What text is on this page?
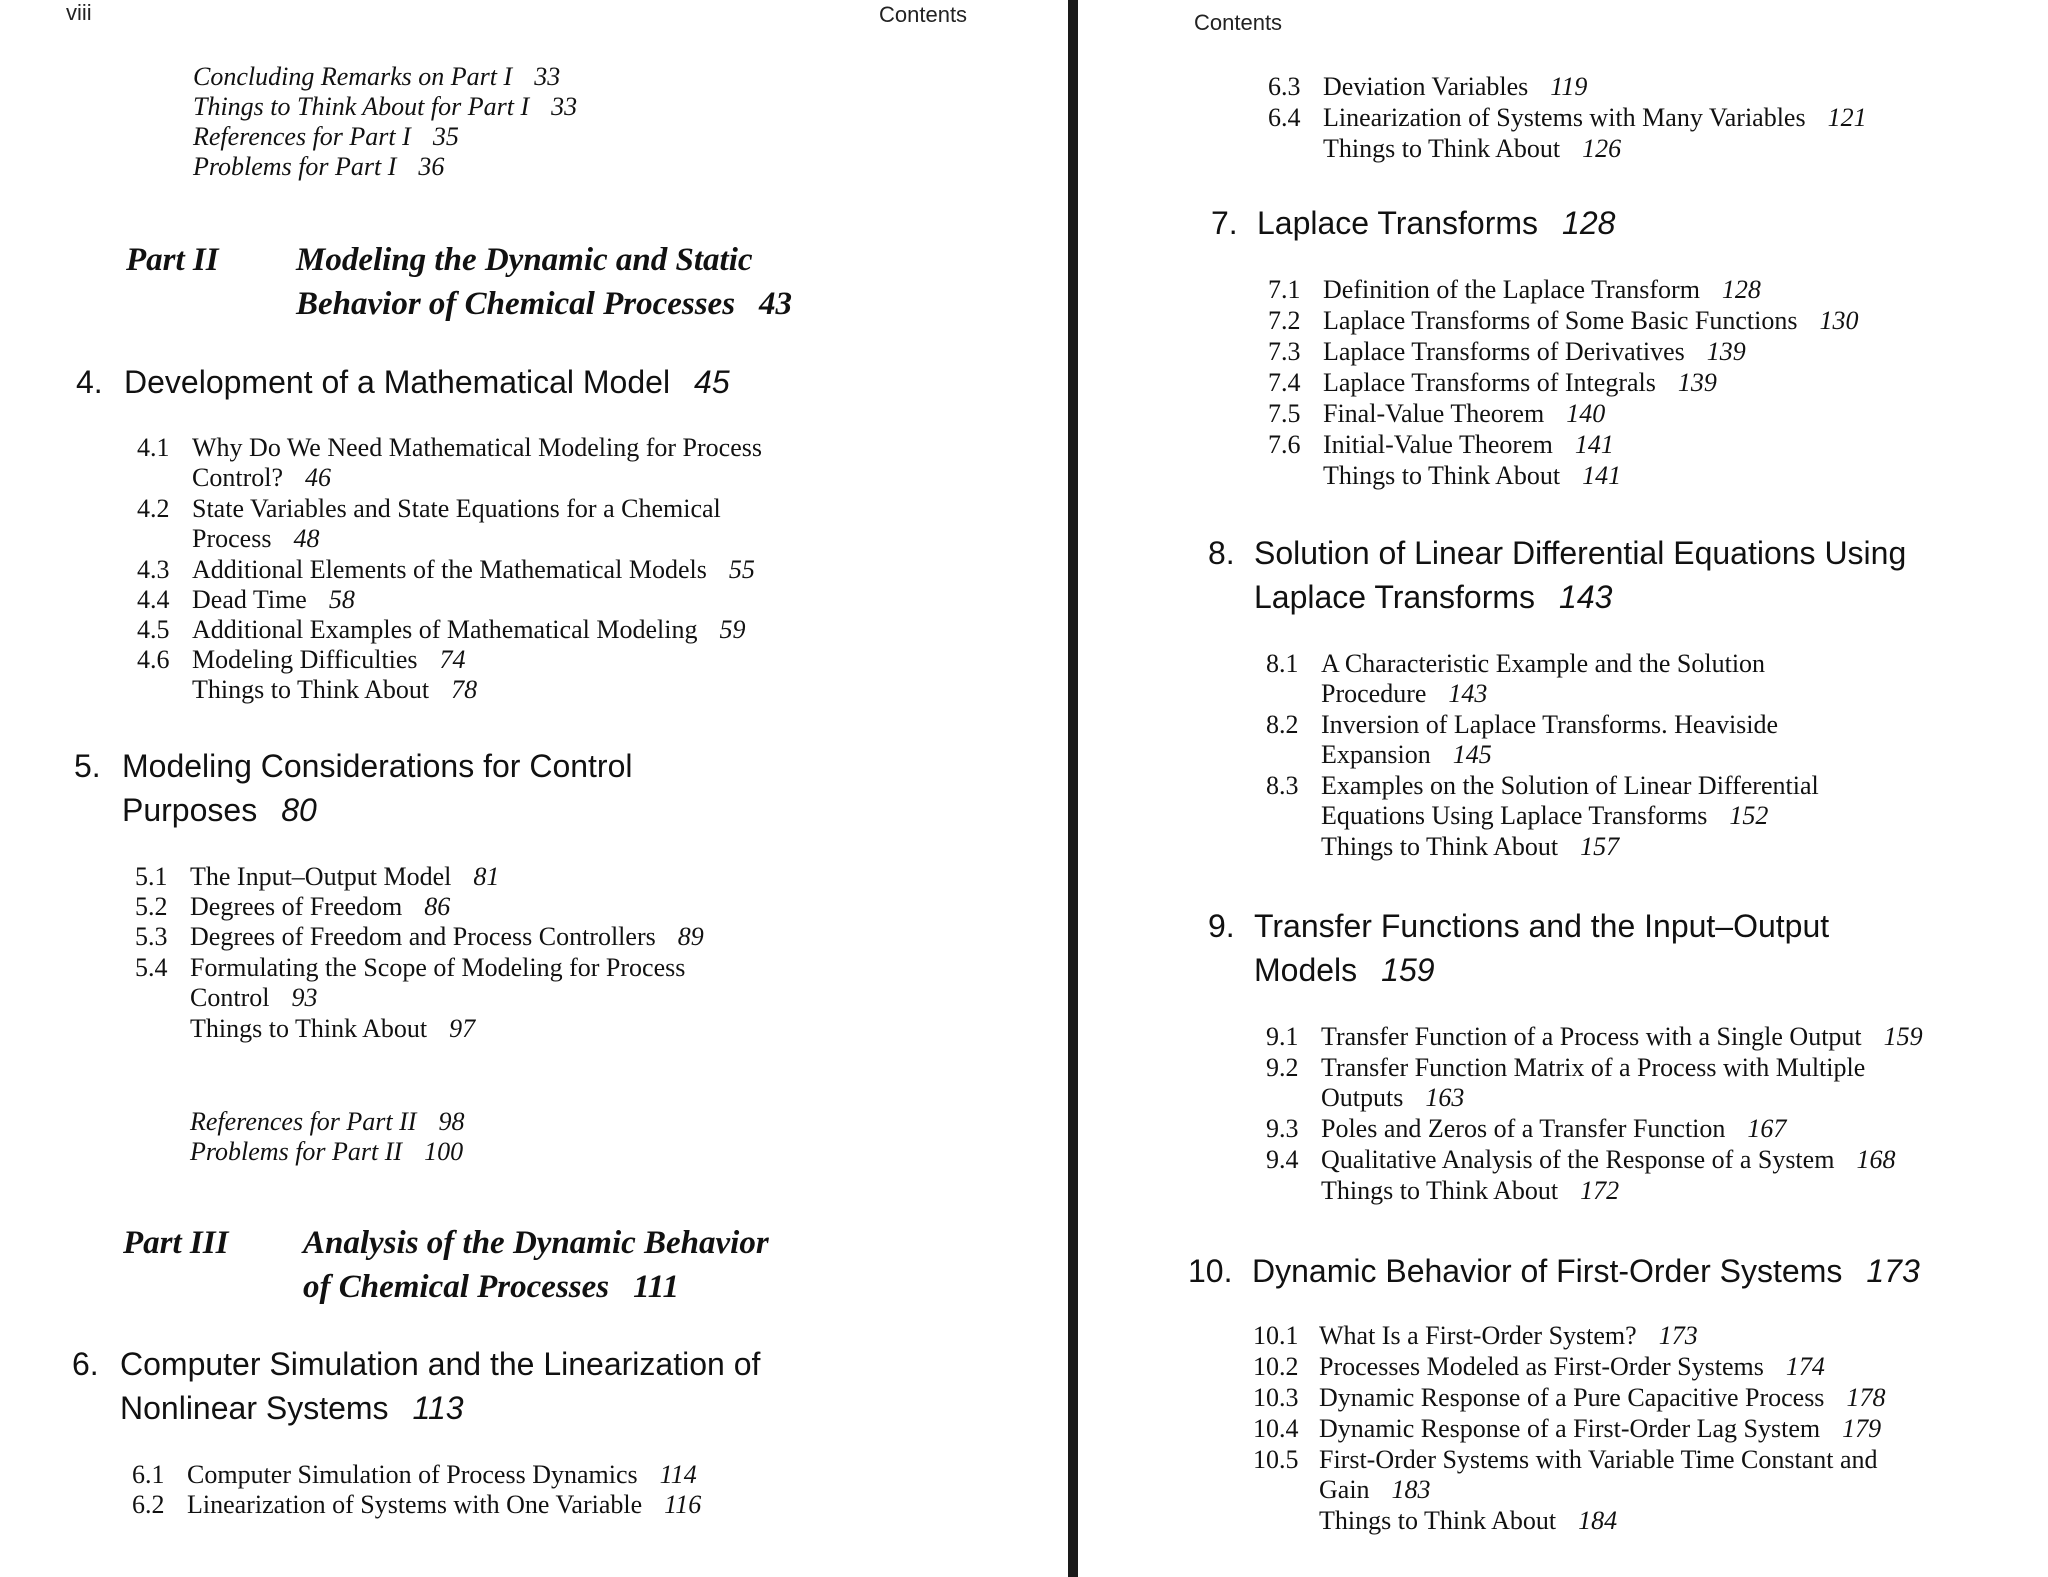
viii	Contents
Concluding Remarks on Part I 33
Things to Think About for Part I 33
References for Part I 35
Problems for Part I 36
Part II Modeling the Dynamic and Static
Behavior of Chemical Processes 43
4. Development of a Mathematical Model 45
4.1 Why Do We Need Mathematical Modeling for Process
Control? 46
4.2 State Variables and State Equations for a Chemical
Process 48
4.3 Additional Elements of the Mathematical Models 55
4.4 Dead Time 58
4.5 Additional Examples of Mathematical Modeling 59
4.6 Modeling Difficulties 74
Things to Think About 78
5. Modeling Considerations for Control
Purposes 80
5.1 The Input–Output Model 81
5.2 Degrees of Freedom 86
5.3 Degrees of Freedom and Process Controllers 89
5.4 Formulating the Scope of Modeling for Process
Control 93
Things to Think About 97
References for Part II 98
Problems for Part II 100
Part III Analysis of the Dynamic Behavior
of Chemical Processes 111
6. Computer Simulation and the Linearization of
Nonlinear Systems 113
6.1 Computer Simulation of Process Dynamics 114
6.2 Linearization of Systems with One Variable 116
Contents
6.3 Deviation Variables 119
6.4 Linearization of Systems with Many Variables 121
Things to Think About 126
7. Laplace Transforms 128
7.1 Definition of the Laplace Transform 128
7.2 Laplace Transforms of Some Basic Functions 130
7.3 Laplace Transforms of Derivatives 139
7.4 Laplace Transforms of Integrals 139
7.5 Final-Value Theorem 140
7.6 Initial-Value Theorem 141
Things to Think About 141
8. Solution of Linear Differential Equations Using
Laplace Transforms 143
8.1 A Characteristic Example and the Solution
Procedure 143
8.2 Inversion of Laplace Transforms. Heaviside
Expansion 145
8.3 Examples on the Solution of Linear Differential
Equations Using Laplace Transforms 152
Things to Think About 157
9. Transfer Functions and the Input–Output
Models 159
9.1 Transfer Function of a Process with a Single Output 159
9.2 Transfer Function Matrix of a Process with Multiple
Outputs 163
9.3 Poles and Zeros of a Transfer Function 167
9.4 Qualitative Analysis of the Response of a System 168
Things to Think About 172
10. Dynamic Behavior of First-Order Systems 173
10.1 What Is a First-Order System? 173
10.2 Processes Modeled as First-Order Systems 174
10.3 Dynamic Response of a Pure Capacitive Process 178
10.4 Dynamic Response of a First-Order Lag System 179
10.5 First-Order Systems with Variable Time Constant and
Gain 183
Things to Think About 184
